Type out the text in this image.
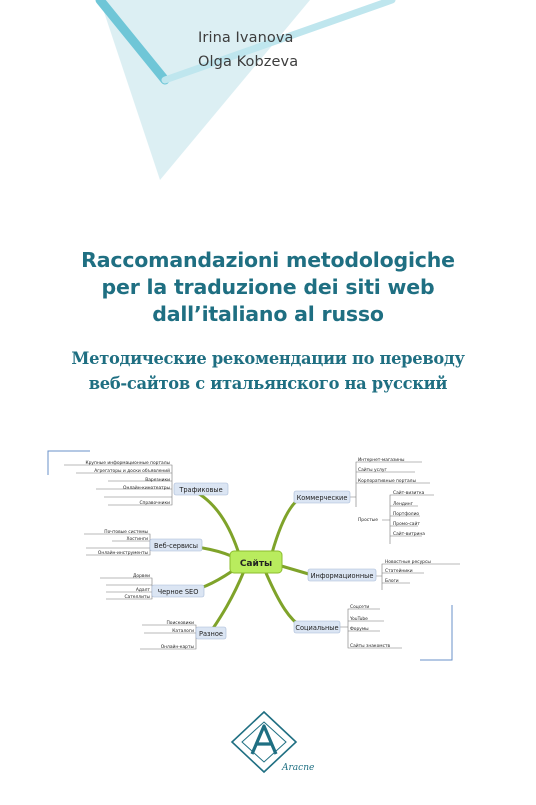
Irina Ivanova
Olga Kobzeva
Raccomandazioni metodologiche
per la traduzione dei siti web
dall’italiano al russo
Методические рекомендации по переводу
веб-сайтов с итальянского на русский
Сайты
Трафиковые
Веб-сервисы
Черное SEO
Разное
Коммерческие
Информационные
Социальные
Крупные информационные порталы
Агрегаторы и доски объявлений
Варезники
Онлайн-кинотеатры
Справочники
Почтовые системы
Хостинги
Онлайн-инструменты
Дорвеи
Адалт
Сателлиты
Поисковики
Каталоги
Онлайн-карты
Интернет-магазины
Сайты услуг
Корпоративные порталы
Простые
Сайт-визитка
Лендинг
Портфолио
Промо-сайт
Сайт-витрина
Новостные ресурсы
Статейники
Блоги
Соцсети
YouTube
Форумы
Сайты знакомств
Aracne
